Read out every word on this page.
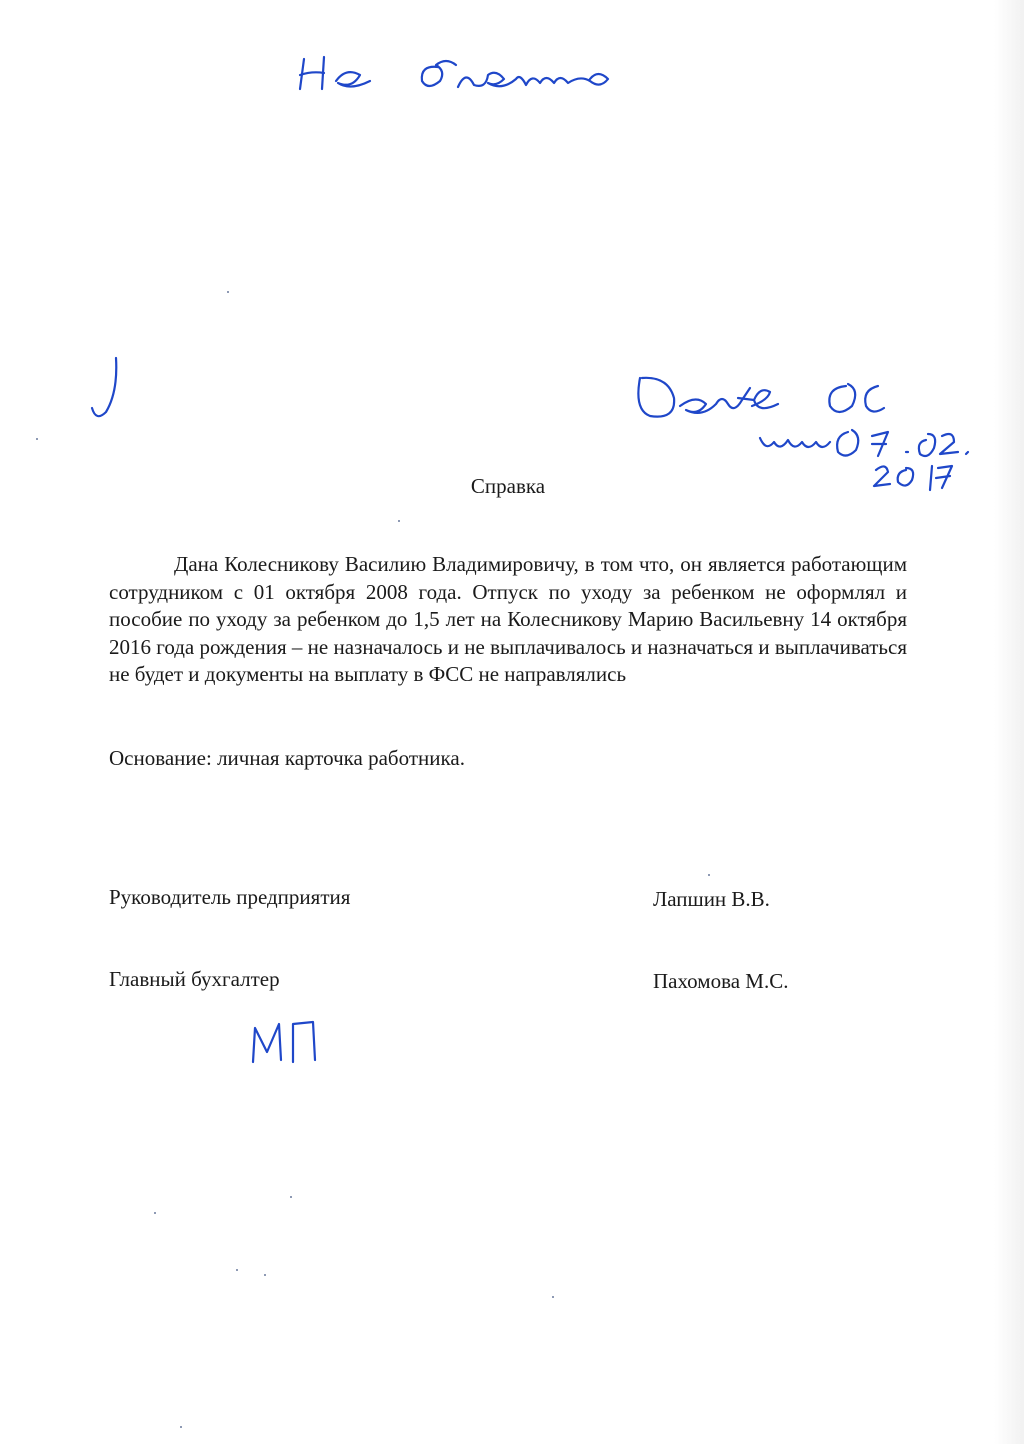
Справка
Дана Колесникову Василию Владимировичу, в том что, он является работающим сотрудником с 01 октября 2008 года. Отпуск по уходу за ребенком не оформлял и пособие по уходу за ребенком до 1,5 лет на Колесникову Марию Васильевну 14 октября 2016 года рождения – не назначалось и не выплачивалось и назначаться и выплачиваться не будет и документы на выплату в ФСС не направлялись
Основание: личная карточка работника.
Руководитель предприятия	Лапшин В.В.
Главный бухгалтер	Пахомова М.С.
